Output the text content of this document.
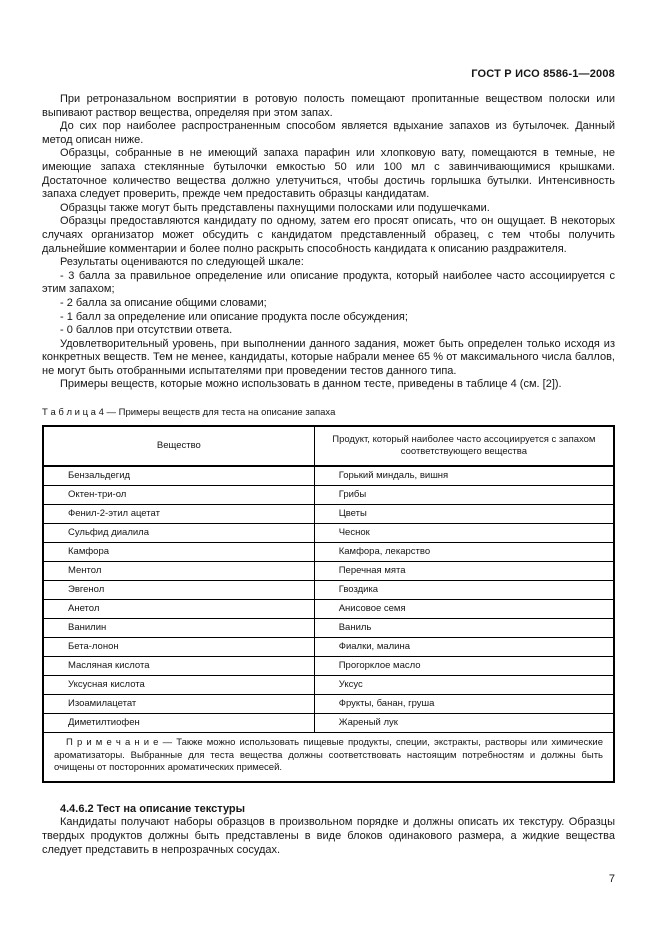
ГОСТ Р ИСО 8586-1—2008

При ретроназальном восприятии в ротовую полость помещают пропитанные веществом полоски или выпивают раствор вещества, определяя при этом запах.

До сих пор наиболее распространенным способом является вдыхание запахов из бутылочек. Данный метод описан ниже.

Образцы, собранные в не имеющий запаха парафин или хлопковую вату, помещаются в темные, не имеющие запаха стеклянные бутылочки емкостью 50 или 100 мл с завинчивающимися крышками. Достаточное количество вещества должно улетучиться, чтобы достичь горлышка бутылки. Интенсивность запаха следует проверить, прежде чем предоставить образцы кандидатам.

Образцы также могут быть представлены пахнущими полосками или подушечками.

Образцы предоставляются кандидату по одному, затем его просят описать, что он ощущает. В некоторых случаях организатор может обсудить с кандидатом представленный образец, с тем чтобы получить дальнейшие комментарии и более полно раскрыть способность кандидата к описанию раздражителя.

Результаты оцениваются по следующей шкале:

- 3 балла за правильное определение или описание продукта, который наиболее часто ассоциируется с этим запахом;

- 2 балла за описание общими словами;

- 1 балл за определение или описание продукта после обсуждения;

- 0 баллов при отсутствии ответа.

Удовлетворительный уровень, при выполнении данного задания, может быть определен только исходя из конкретных веществ. Тем не менее, кандидаты, которые набрали менее 65 % от максимального числа баллов, не могут быть отобранными испытателями при проведении тестов данного типа.

Примеры веществ, которые можно использовать в данном тесте, приведены в таблице 4 (см. [2]).

Т а б л и ц а 4 — Примеры веществ для теста на описание запаха
Вещество	Продукт, который наиболее часто ассоциируется с запахом соответствующего вещества
Бензальдегид	Горький миндаль, вишня
Октен-три-ол	Грибы
Фенил-2-этил ацетат	Цветы
Сульфид диалила	Чеснок
Камфора	Камфора, лекарство
Ментол	Перечная мята
Эвгенол	Гвоздика
Анетол	Анисовое семя
Ванилин	Ваниль
Бета-лонон	Фиалки, малина
Масляная кислота	Прогорклое масло
Уксусная кислота	Уксус
Изоамилацетат	Фрукты, банан, груша
Диметилтиофен	Жареный лук
П р и м е ч а н и е — Также можно использовать пищевые продукты, специи, экстракты, растворы или химические ароматизаторы. Выбранные для теста вещества должны соответствовать настоящим потребностям и должны быть очищены от посторонних ароматических примесей.	

4.4.6.2 Тест на описание текстуры

Кандидаты получают наборы образцов в произвольном порядке и должны описать их текстуру. Образцы твердых продуктов должны быть представлены в виде блоков одинакового размера, а жидкие вещества следует представить в непрозрачных сосудах.

7
